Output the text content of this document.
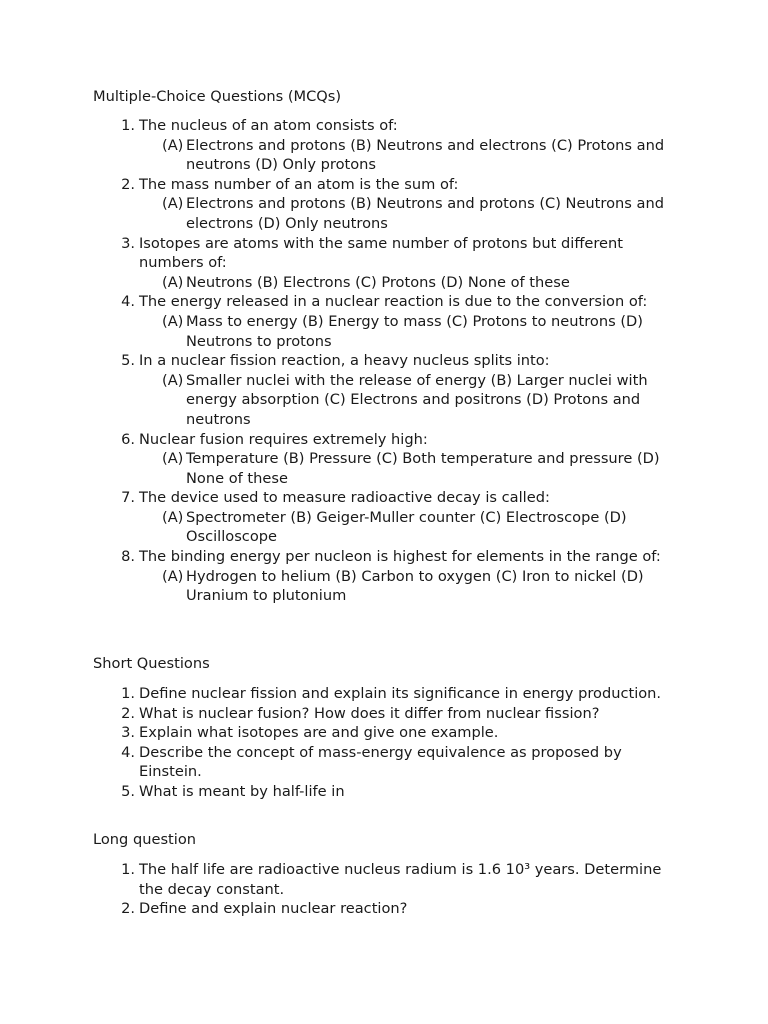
Multiple-Choice Questions (MCQs)
1. The nucleus of an atom consists of:
(A) Electrons and protons (B) Neutrons and electrons (C) Protons and neutrons (D) Only protons
2. The mass number of an atom is the sum of:
(A) Electrons and protons (B) Neutrons and protons (C) Neutrons and electrons (D) Only neutrons
3. Isotopes are atoms with the same number of protons but different numbers of:
(A) Neutrons (B) Electrons (C) Protons (D) None of these
4. The energy released in a nuclear reaction is due to the conversion of:
(A) Mass to energy (B) Energy to mass (C) Protons to neutrons (D) Neutrons to protons
5. In a nuclear fission reaction, a heavy nucleus splits into:
(A) Smaller nuclei with the release of energy (B) Larger nuclei with energy absorption (C) Electrons and positrons (D) Protons and neutrons
6. Nuclear fusion requires extremely high:
(A) Temperature (B) Pressure (C) Both temperature and pressure (D) None of these
7. The device used to measure radioactive decay is called:
(A) Spectrometer (B) Geiger-Muller counter (C) Electroscope (D) Oscilloscope
8. The binding energy per nucleon is highest for elements in the range of:
(A) Hydrogen to helium (B) Carbon to oxygen (C) Iron to nickel (D) Uranium to plutonium
Short Questions
1. Define nuclear fission and explain its significance in energy production.
2. What is nuclear fusion? How does it differ from nuclear fission?
3. Explain what isotopes are and give one example.
4. Describe the concept of mass-energy equivalence as proposed by Einstein.
5. What is meant by half-life in
Long question
1. The half life are radioactive nucleus radium is 1.6 10³ years. Determine the decay constant.
2. Define and explain nuclear reaction?
